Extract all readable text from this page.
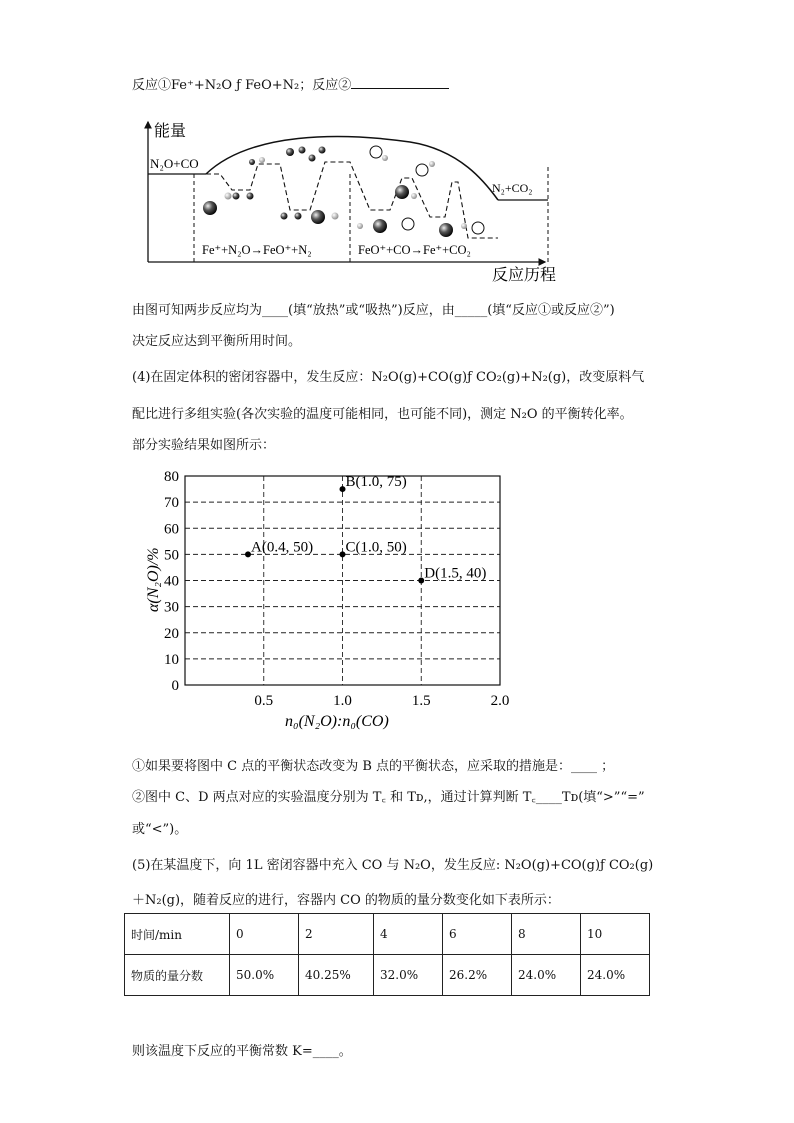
反应①Fe⁺+N₂O ƒ FeO+N₂；反应②
能量
反应历程
N₂O+CO
N₂+CO₂
Fe⁺+N₂O→FeO⁺+N₂	FeO⁺+CO→Fe⁺+CO₂
由图可知两步反应均为____(填“放热”或“吸热”)反应，由_____(填“反应①或反应②”)
决定反应达到平衡所用时间。
(4)在固定体积的密闭容器中，发生反应：N₂O(g)+CO(g)ƒ CO₂(g)+N₂(g)，改变原料气
配比进行多组实验(各次实验的温度可能相同，也可能不同)，测定 N₂O 的平衡转化率。
部分实验结果如图所示：
0
10
20
30
40
50
60
70
80
0.5	1.0	1.5	2.0
A(0.4, 50)
B(1.0, 75)
C(1.0, 50)
D(1.5, 40)
n₀(N₂O):n₀(CO)
α(N₂O)/%
①如果要将图中 C 点的平衡状态改变为 B 点的平衡状态，应采取的措施是：____ ；
②图中 C、D 两点对应的实验温度分别为 T꜀ 和 Tᴅ,，通过计算判断 T꜀____Tᴅ(填“>”“=”
或“<”)。
(5)在某温度下，向 1L 密闭容器中充入 CO 与 N₂O，发生反应: N₂O(g)+CO(g)ƒ CO₂(g)
＋N₂(g)，随着反应的进行，容器内 CO 的物质的量分数变化如下表所示：
时间/min	0	2	4	6	8	10
物质的量分数	50.0%	40.25%	32.0%	26.2%	24.0%	24.0%
则该温度下反应的平衡常数 K=____。
